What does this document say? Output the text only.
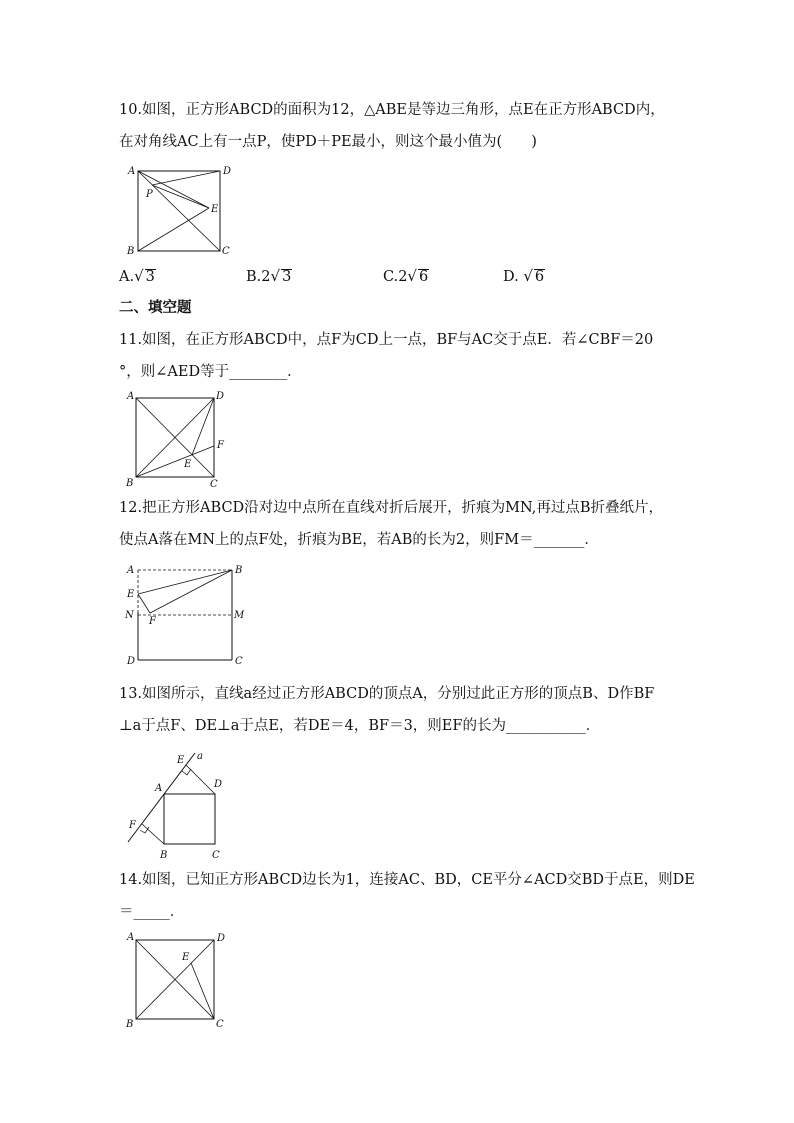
10.如图，正方形ABCD的面积为12，△ABE是等边三角形，点E在正方形ABCD内，
在对角线AC上有一点P，使PD＋PE最小，则这个最小值为(　　)
A	D
P
E
B	C
A.√ 3	B.2√ 3	C.2√ 6	D. √ 6
二、填空题
11.如图，在正方形ABCD中，点F为CD上一点，BF与AC交于点E．若∠CBF＝20
°，则∠AED等于________．
A	D
F
E
B	C
12.把正方形ABCD沿对边中点所在直线对折后展开，折痕为MN,再过点B折叠纸片，
使点A落在MN上的点F处，折痕为BE，若AB的长为2，则FM＝_______．
A	B
E
N
F
M
D	C
13.如图所示，直线a经过正方形ABCD的顶点A，分别过此正方形的顶点B、D作BF
⊥a于点F、DE⊥a于点E，若DE＝4，BF＝3，则EF的长为___________．
E a
A	D
F
B	C
14.如图，已知正方形ABCD边长为1，连接AC、BD，CE平分∠ACD交BD于点E，则DE
＝_____．
A	D
E
B	C
